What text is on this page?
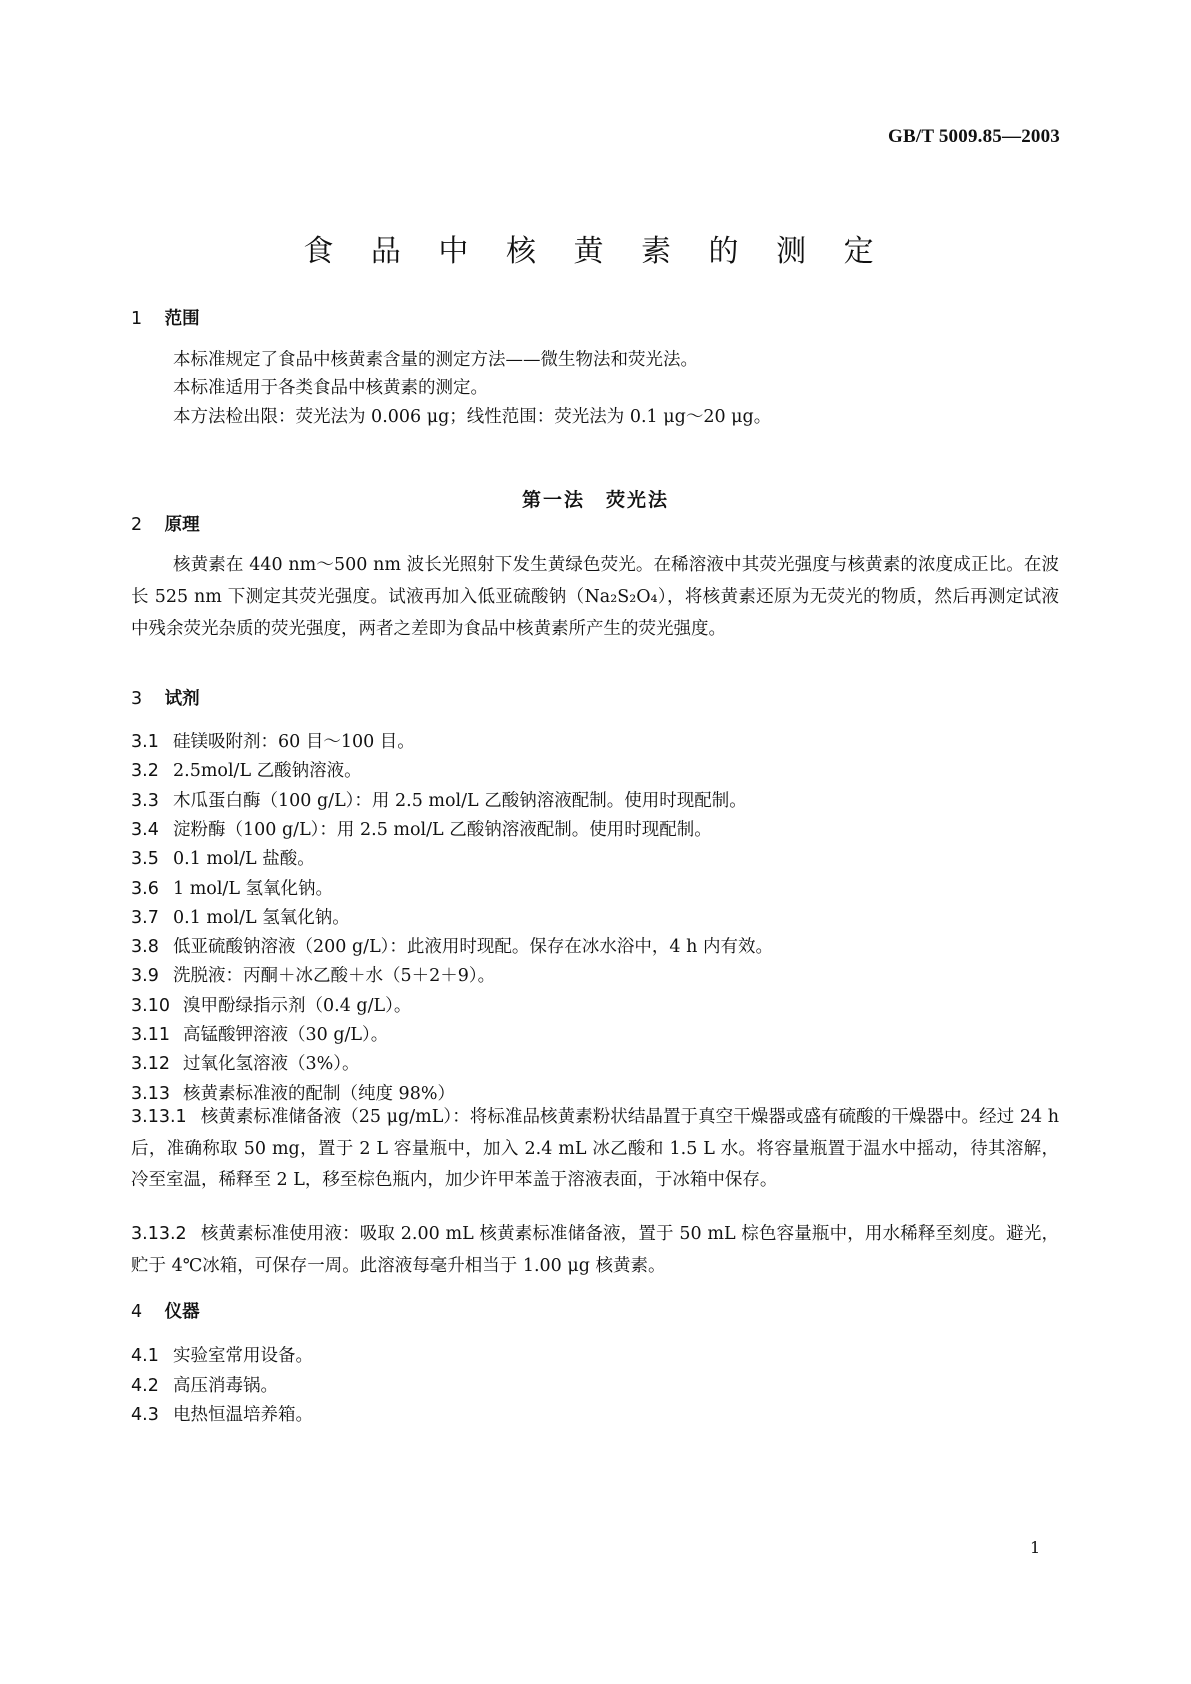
GB/T 5009.85—2003
食 品 中 核 黄 素 的 测 定
1 范围
本标准规定了食品中核黄素含量的测定方法——微生物法和荧光法。
本标准适用于各类食品中核黄素的测定。
本方法检出限：荧光法为 0.006 μg；线性范围：荧光法为 0.1 μg～20 μg。
第一法　荧光法
2 原理
核黄素在 440 nm～500 nm 波长光照射下发生黄绿色荧光。在稀溶液中其荧光强度与核黄素的浓度成正比。在波长 525 nm 下测定其荧光强度。试液再加入低亚硫酸钠（Na₂S₂O₄），将核黄素还原为无荧光的物质，然后再测定试液中残余荧光杂质的荧光强度，两者之差即为食品中核黄素所产生的荧光强度。
3 试剂
3.1 硅镁吸附剂：60 目～100 目。
3.2 2.5mol/L 乙酸钠溶液。
3.3 木瓜蛋白酶（100 g/L）：用 2.5 mol/L 乙酸钠溶液配制。使用时现配制。
3.4 淀粉酶（100 g/L）：用 2.5 mol/L 乙酸钠溶液配制。使用时现配制。
3.5 0.1 mol/L 盐酸。
3.6 1 mol/L 氢氧化钠。
3.7 0.1 mol/L 氢氧化钠。
3.8 低亚硫酸钠溶液（200 g/L）：此液用时现配。保存在冰水浴中，4 h 内有效。
3.9 洗脱液：丙酮＋冰乙酸＋水（5＋2＋9）。
3.10 溴甲酚绿指示剂（0.4 g/L）。
3.11 高锰酸钾溶液（30 g/L）。
3.12 过氧化氢溶液（3%）。
3.13 核黄素标准液的配制（纯度 98%）
3.13.1 核黄素标准储备液（25 μg/mL）：将标准品核黄素粉状结晶置于真空干燥器或盛有硫酸的干燥器中。经过 24 h 后，准确称取 50 mg，置于 2 L 容量瓶中，加入 2.4 mL 冰乙酸和 1.5 L 水。将容量瓶置于温水中摇动，待其溶解，冷至室温，稀释至 2 L，移至棕色瓶内，加少许甲苯盖于溶液表面，于冰箱中保存。
3.13.2 核黄素标准使用液：吸取 2.00 mL 核黄素标准储备液，置于 50 mL 棕色容量瓶中，用水稀释至刻度。避光，贮于 4℃冰箱，可保存一周。此溶液每毫升相当于 1.00 μg 核黄素。
4 仪器
4.1 实验室常用设备。
4.2 高压消毒锅。
4.3 电热恒温培养箱。
1
